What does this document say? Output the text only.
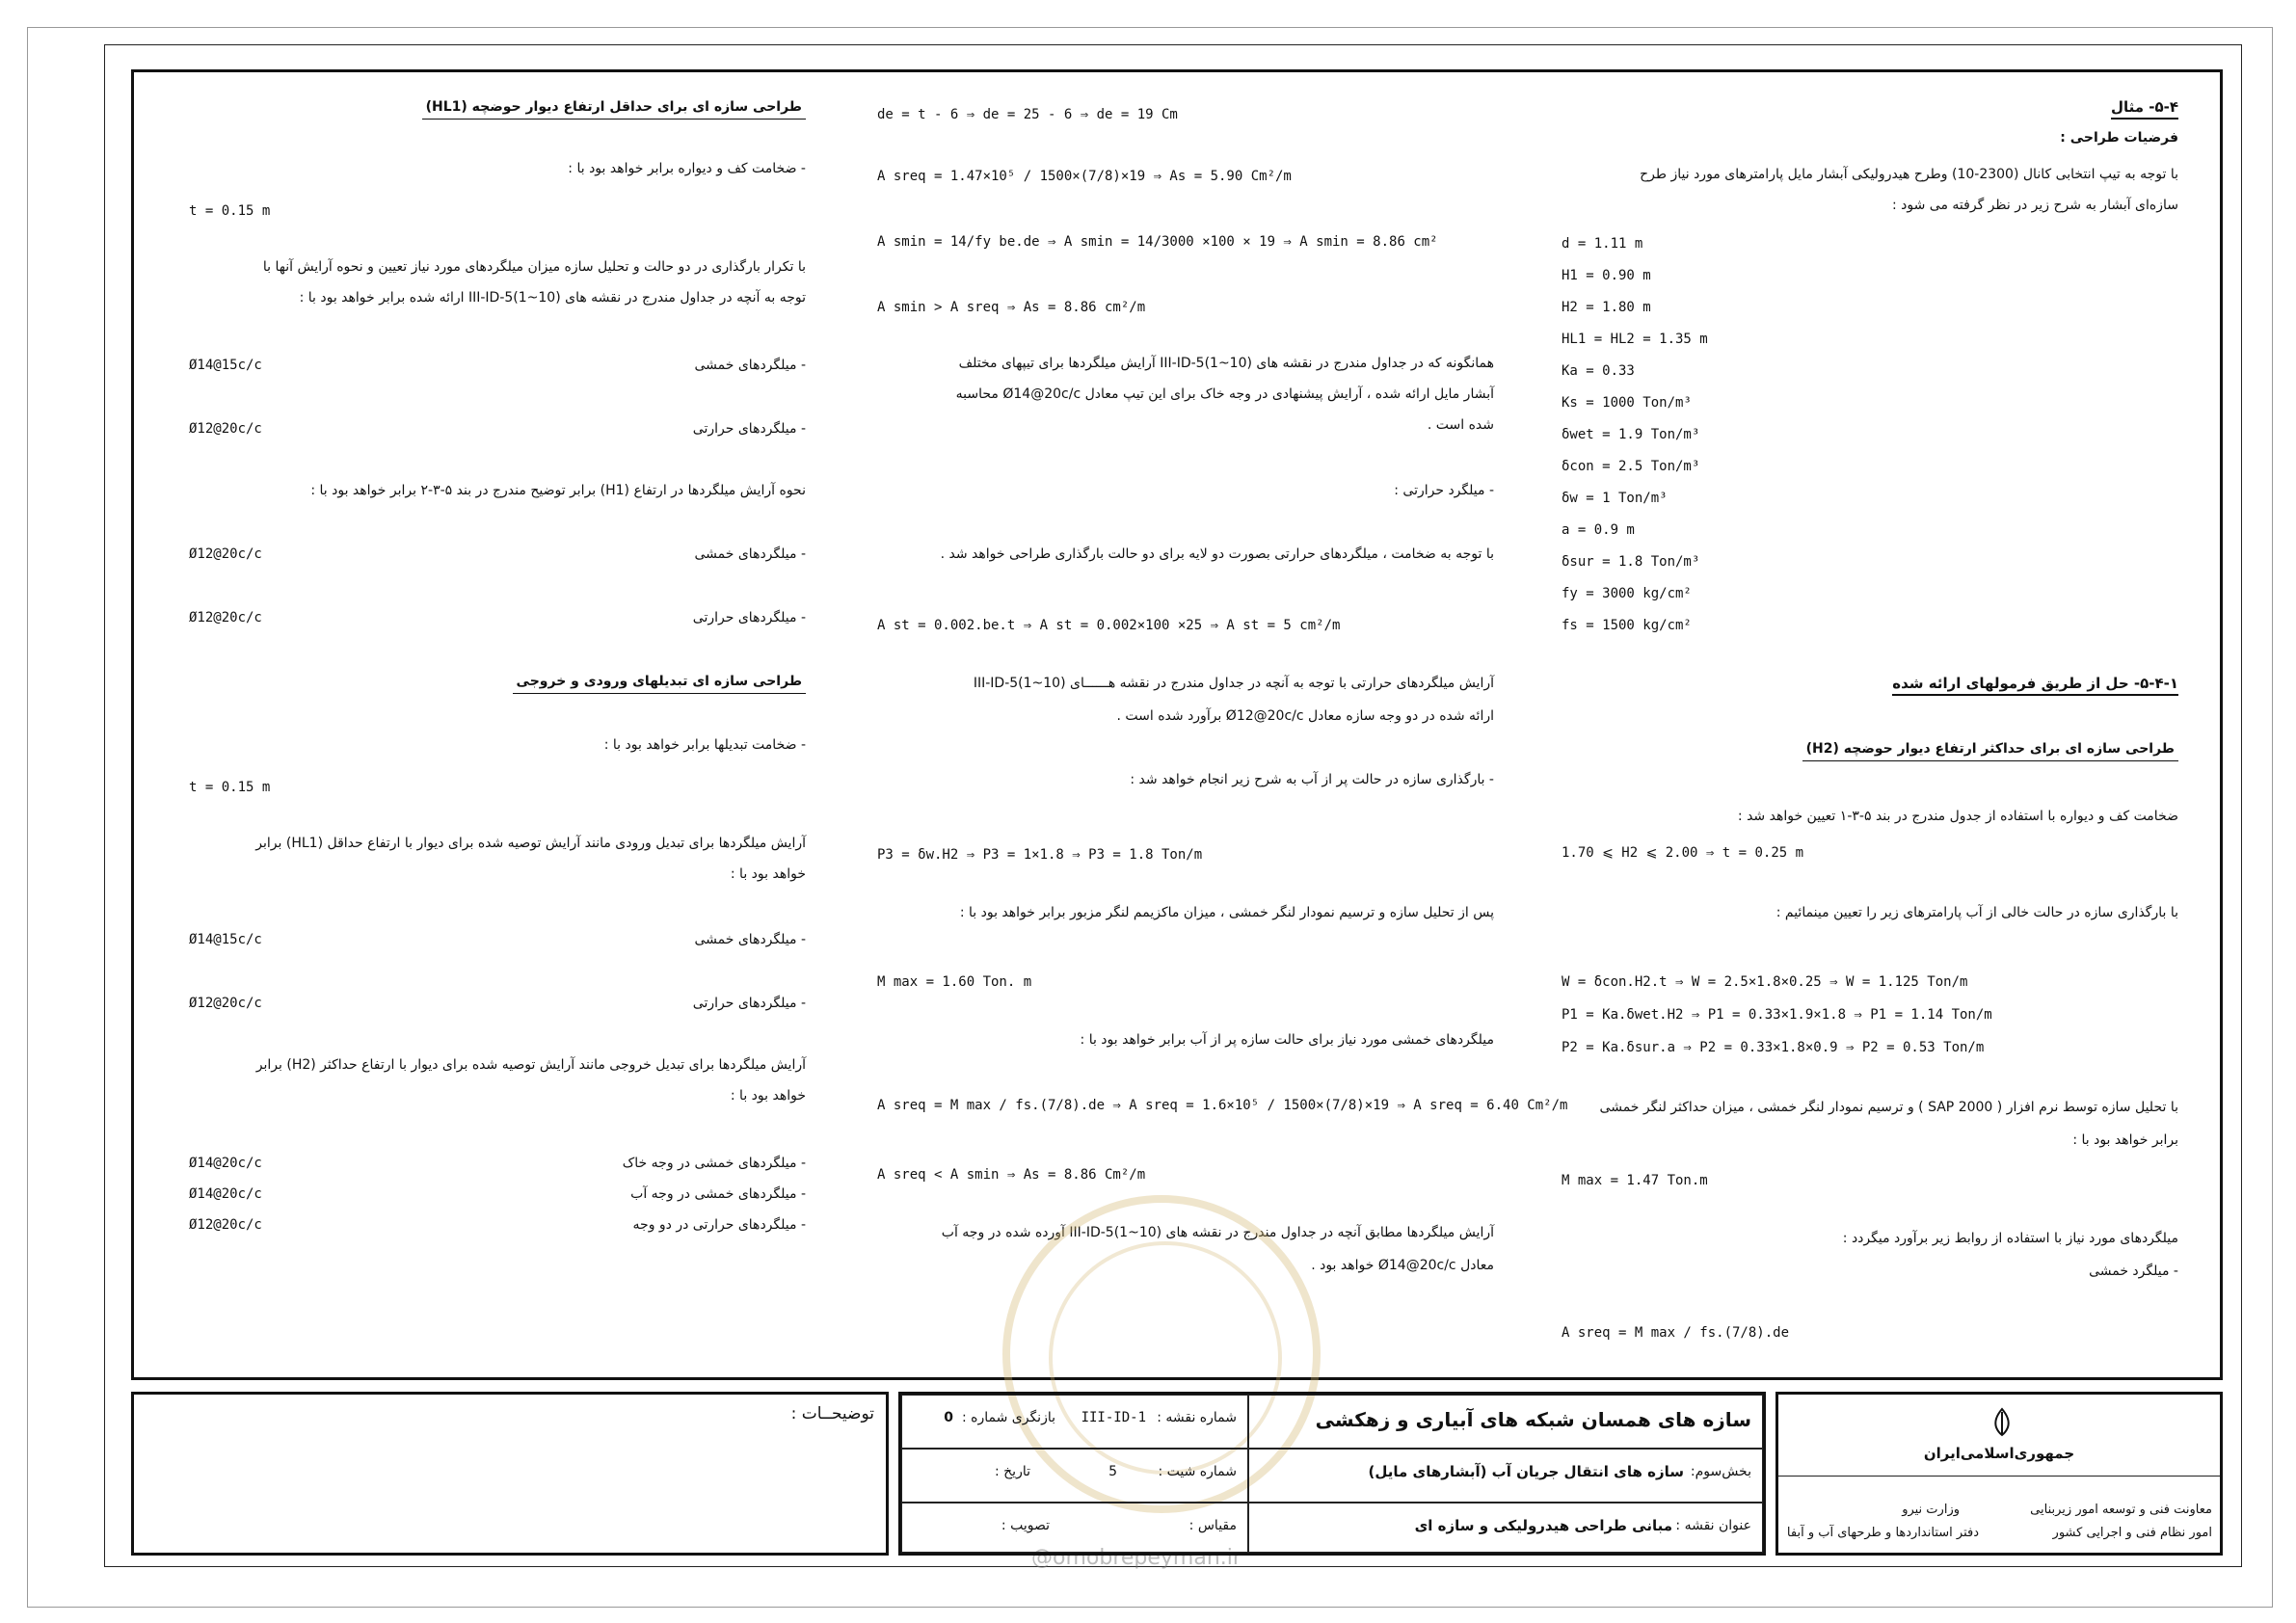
۵-۴- مثال
فرضیات طراحی :
با توجه به تیپ انتخابی کانال (2300-10) وطرح هیدرولیکی آبشار مایل پارامترهای مورد نیاز طرح
سازه‌ای آبشار به شرح زیر در نظر گرفته می شود :
d = 1.11 m
H1 = 0.90 m
H2 = 1.80 m
HL1 = HL2 = 1.35 m
Ka = 0.33
Ks = 1000 Ton/m³
δwet = 1.9 Ton/m³
δcon = 2.5 Ton/m³
δw = 1 Ton/m³
a = 0.9 m
δsur = 1.8 Ton/m³
fy = 3000 kg/cm²
fs = 1500 kg/cm²
۵-۴-۱- حل از طریق فرمولهای ارائه شده
طراحی سازه ای برای حداکثر ارتفاع دیوار حوضچه (H2)
ضخامت کف و دیواره با استفاده از جدول مندرج در بند ۵-۳-۱ تعیین خواهد شد :
1.70 ⩽ H2 ⩽ 2.00 ⇒ t = 0.25 m
با بارگذاری سازه در حالت خالی از آب پارامترهای زیر را تعیین مینمائیم :
W = δcon.H2.t ⇒ W = 2.5×1.8×0.25 ⇒ W = 1.125 Ton/m
P1 = Ka.δwet.H2 ⇒ P1 = 0.33×1.9×1.8 ⇒ P1 = 1.14 Ton/m
P2 = Ka.δsur.a ⇒ P2 = 0.33×1.8×0.9 ⇒ P2 = 0.53 Ton/m
با تحلیل سازه توسط نرم افزار ( SAP 2000 ) و ترسیم نمودار لنگر خمشی ، میزان حداکثر لنگر خمشی
برابر خواهد بود با :
M max = 1.47 Ton.m
میلگردهای مورد نیاز با استفاده از روابط زیر برآورد میگردد :
- میلگرد خمشی
A sreq = M max / fs.(7/8).de
de = t - 6 ⇒ de = 25 - 6 ⇒ de = 19 Cm
A sreq = 1.47×10⁵ / 1500×(7/8)×19 ⇒ As = 5.90 Cm²/m
A smin = 14/fy be.de ⇒ A smin = 14/3000 ×100 × 19 ⇒ A smin = 8.86 cm²
A smin > A sreq ⇒ As = 8.86 cm²/m
همانگونه که در جداول مندرج در نقشه های III-ID-5(1~10) آرایش میلگردها برای تیپهای مختلف
آبشار مایل ارائه شده ، آرایش پیشنهادی در وجه خاک برای این تیپ معادل Ø14@20c/c محاسبه
شده است .
- میلگرد حرارتی :
با توجه به ضخامت ، میلگردهای حرارتی بصورت دو لایه برای دو حالت بارگذاری طراحی خواهد شد .
A st = 0.002.be.t ⇒ A st = 0.002×100 ×25 ⇒ A st = 5 cm²/m
آرایش میلگردهای حرارتی با توجه به آنچه در جداول مندرج در نقشه هــــــای III-ID-5(1~10)
ارائه شده در دو وجه سازه معادل Ø12@20c/c برآورد شده است .
- بارگذاری سازه در حالت پر از آب به شرح زیر انجام خواهد شد :
P3 = δw.H2 ⇒ P3 = 1×1.8 ⇒ P3 = 1.8 Ton/m
پس از تحلیل سازه و ترسیم نمودار لنگر خمشی ، میزان ماکزیمم لنگر مزبور برابر خواهد بود با :
M max = 1.60 Ton. m
میلگردهای خمشی مورد نیاز برای حالت سازه پر از آب برابر خواهد بود با :
A sreq = M max / fs.(7/8).de ⇒ A sreq = 1.6×10⁵ / 1500×(7/8)×19 ⇒ A sreq = 6.40 Cm²/m
A sreq < A smin ⇒ As = 8.86 Cm²/m
آرایش میلگردها مطابق آنچه در جداول مندرج در نقشه های III-ID-5(1~10) آورده شده در وجه آب
معادل Ø14@20c/c خواهد بود .
طراحی سازه ای برای حداقل ارتفاع دیوار حوضچه (HL1)
- ضخامت کف و دیواره برابر خواهد بود با :
t = 0.15 m
با تکرار بارگذاری در دو حالت و تحلیل سازه میزان میلگردهای مورد نیاز تعیین و نحوه آرایش آنها با
توجه به آنچه در جداول مندرج در نقشه های III-ID-5(1~10) ارائه شده برابر خواهد بود با :
- میلگردهای خمشی
Ø14@15c/c
- میلگردهای حرارتی
Ø12@20c/c
نحوه آرایش میلگردها در ارتفاع (H1) برابر توضیح مندرج در بند ۵-۳-۲ برابر خواهد بود با :
- میلگردهای خمشی
Ø12@20c/c
- میلگردهای حرارتی
Ø12@20c/c
طراحی سازه ای تبدیلهای ورودی و خروجی
- ضخامت تبدیلها برابر خواهد بود با :
t = 0.15 m
آرایش میلگردها برای تبدیل ورودی مانند آرایش توصیه شده برای دیوار با ارتفاع حداقل (HL1) برابر
خواهد بود با :
- میلگردهای خمشی
Ø14@15c/c
- میلگردهای حرارتی
Ø12@20c/c
آرایش میلگردها برای تبدیل خروجی مانند آرایش توصیه شده برای دیوار با ارتفاع حداکثر (H2) برابر
خواهد بود با :
- میلگردهای خمشی در وجه خاک
Ø14@20c/c
- میلگردهای خمشی در وجه آب
Ø14@20c/c
- میلگردهای حرارتی در دو وجه
Ø12@20c/c
@omobrepeyman.ir
توضیحــات :	سازه های همسان شبکه های آبیاری و زهکشی
بخش‌سوم:
سازه های انتقال جریان آب (آبشارهای مایل)
عنوان نقشه :
مبانی طراحی هیدرولیکی و سازه ای
شماره نقشه :
III-ID-1
بازنگری شماره :
0
شماره شیت :
5
تاریخ :
مقیاس :
تصویب :
جمهوری‌اسلامی‌ایران
معاونت فنی و توسعه امور زیربنایی
امور نظام فنی و اجرایی کشور
وزارت نیرو
دفتر استانداردها و طرحهای آب و آبفا
